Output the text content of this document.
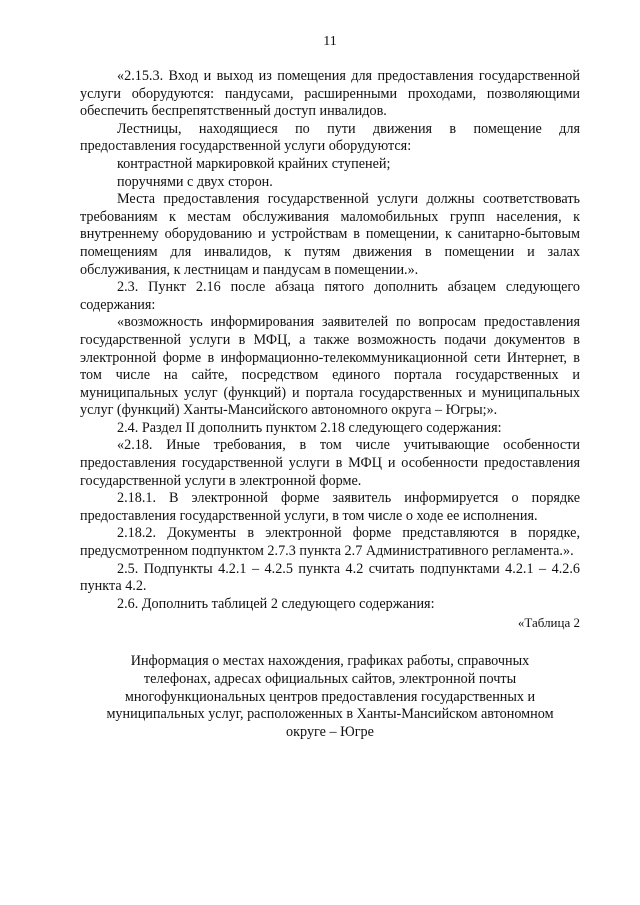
11

«2.15.3. Вход и выход из помещения для предоставления государственной услуги оборудуются: пандусами, расширенными проходами, позволяющими обеспечить беспрепятственный доступ инвалидов.

Лестницы, находящиеся по пути движения в помещение для предоставления государственной услуги оборудуются:

контрастной маркировкой крайних ступеней;

поручнями с двух сторон.

Места предоставления государственной услуги должны соответствовать требованиям к местам обслуживания маломобильных групп населения, к внутреннему оборудованию и устройствам в помещении, к санитарно-бытовым помещениям для инвалидов, к путям движения в помещении и залах обслуживания, к лестницам и пандусам в помещении.».

2.3. Пункт 2.16 после абзаца пятого дополнить абзацем следующего содержания:

«возможность информирования заявителей по вопросам предоставления государственной услуги в МФЦ, а также возможность подачи документов в электронной форме в информационно-телекоммуникационной сети Интернет, в том числе на сайте, посредством единого портала государственных и муниципальных услуг (функций) и портала государственных и муниципальных услуг (функций) Ханты-Мансийского автономного округа – Югры;».

2.4. Раздел II дополнить пунктом 2.18 следующего содержания:

«2.18. Иные требования, в том числе учитывающие особенности предоставления государственной услуги в МФЦ и особенности предоставления государственной услуги в электронной форме.

2.18.1. В электронной форме заявитель информируется о порядке предоставления государственной услуги, в том числе о ходе ее исполнения.

2.18.2. Документы в электронной форме представляются в порядке, предусмотренном подпунктом 2.7.3 пункта 2.7 Административного регламента.».

2.5. Подпункты 4.2.1 – 4.2.5 пункта 4.2 считать подпунктами 4.2.1 – 4.2.6 пункта 4.2.

2.6. Дополнить таблицей 2 следующего содержания:

«Таблица 2
Информация о местах нахождения, графиках работы, справочных
телефонах, адресах официальных сайтов, электронной почты
многофункциональных центров предоставления государственных и
муниципальных услуг, расположенных в Ханты-Мансийском автономном
округе – Югре
